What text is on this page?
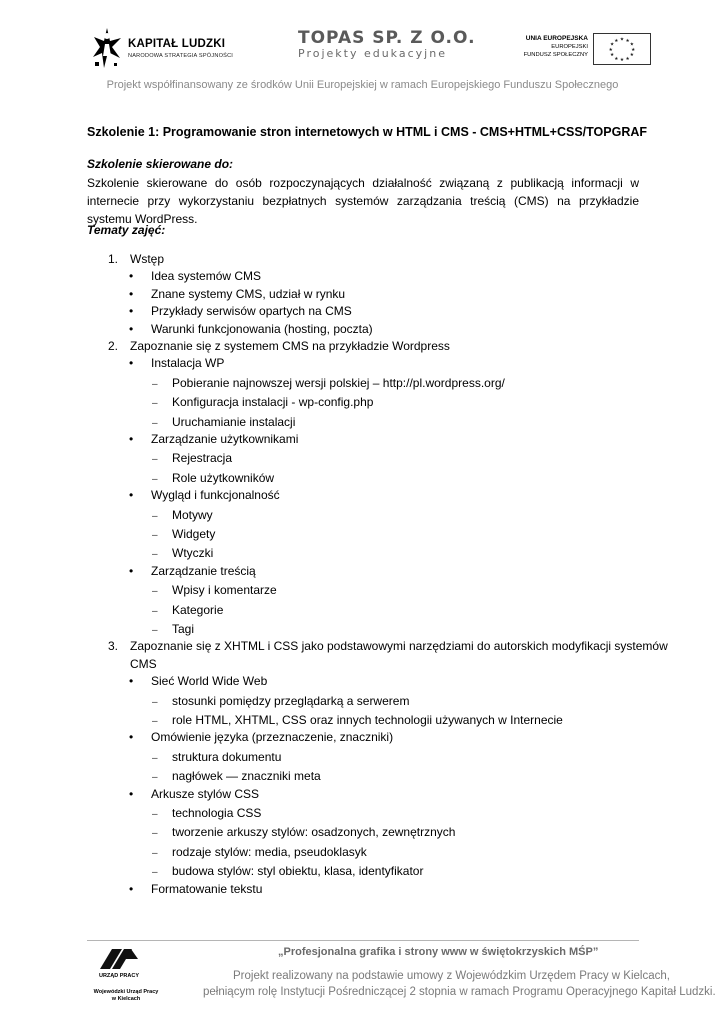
KAPITAŁ LUDZKI
NARODOWA STRATEGIA SPÓJNOŚCI
TOPAS SP. Z O.O.
Projekty edukacyjne
UNIA EUROPEJSKA
EUROPEJSKI
FUNDUSZ SPOŁECZNY
★ ★
★
★
★
★
★
★
★
★
★
★
Projekt współfinansowany ze środków Unii Europejskiej w ramach Europejskiego Funduszu Społecznego
Szkolenie 1: Programowanie stron internetowych w HTML i CMS - CMS+HTML+CSS/TOPGRAF
Szkolenie skierowane do:
Szkolenie skierowane do osób rozpoczynających działalność związaną z publikacją informacji w internecie przy wykorzystaniu bezpłatnych systemów zarządzania treścią (CMS) na przykładzie systemu WordPress.
Tematy zajęć:
1. Wstęp
• Idea systemów CMS
• Znane systemy CMS, udział w rynku
• Przykłady serwisów opartych na CMS
• Warunki funkcjonowania (hosting, poczta)
2. Zapoznanie się z systemem CMS na przykładzie Wordpress
• Instalacja WP
– Pobieranie najnowszej wersji polskiej – http://pl.wordpress.org/
– Konfiguracja instalacji - wp-config.php
– Uruchamianie instalacji
• Zarządzanie użytkownikami
– Rejestracja
– Role użytkowników
• Wygląd i funkcjonalność
– Motywy
– Widgety
– Wtyczki
• Zarządzanie treścią
– Wpisy i komentarze
– Kategorie
– Tagi
3. Zapoznanie się z XHTML i CSS jako podstawowymi narzędziami do autorskich modyfikacji systemów
CMS
• Sieć World Wide Web
– stosunki pomiędzy przeglądarką a serwerem
– role HTML, XHTML, CSS oraz innych technologii używanych w Internecie
• Omówienie języka (przeznaczenie, znaczniki)
– struktura dokumentu
– nagłówek — znaczniki meta
• Arkusze stylów CSS
– technologia CSS
– tworzenie arkuszy stylów: osadzonych, zewnętrznych
– rodzaje stylów: media, pseudoklasyk
– budowa stylów: styl obiektu, klasa, identyfikator
• Formatowanie tekstu
URZĄD PRACY
Wojewódzki Urząd Pracy
w Kielcach
„Profesjonalna grafika i strony www w świętokrzyskich MŚP”
Projekt realizowany na podstawie umowy z Wojewódzkim Urzędem Pracy w Kielcach,
pełniącym rolę Instytucji Pośredniczącej 2 stopnia w ramach Programu Operacyjnego Kapitał Ludzki.
